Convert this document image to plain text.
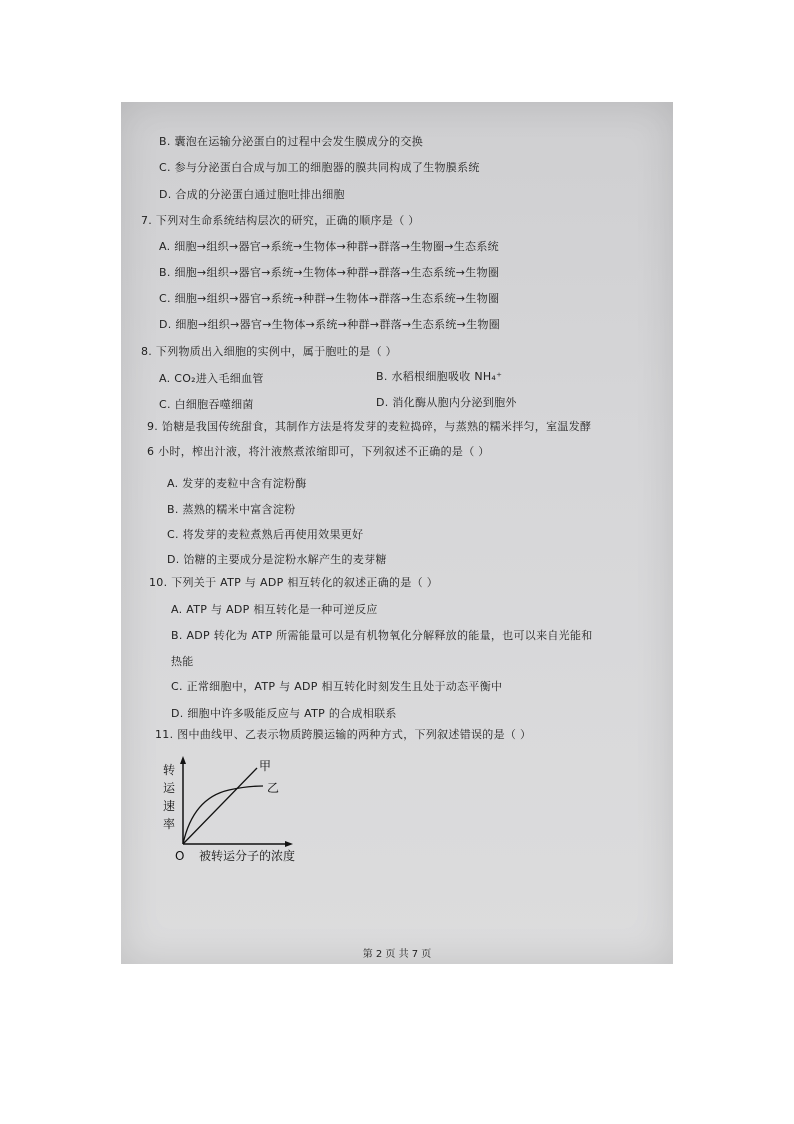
B. 囊泡在运输分泌蛋白的过程中会发生膜成分的交换
C. 参与分泌蛋白合成与加工的细胞器的膜共同构成了生物膜系统
D. 合成的分泌蛋白通过胞吐排出细胞
7. 下列对生命系统结构层次的研究，正确的顺序是（ ）
A. 细胞→组织→器官→系统→生物体→种群→群落→生物圈→生态系统
B. 细胞→组织→器官→系统→生物体→种群→群落→生态系统→生物圈
C. 细胞→组织→器官→系统→种群→生物体→群落→生态系统→生物圈
D. 细胞→组织→器官→生物体→系统→种群→群落→生态系统→生物圈
8. 下列物质出入细胞的实例中，属于胞吐的是（ ）
A. CO₂进入毛细血管	B. 水稻根细胞吸收 NH₄⁺
C. 白细胞吞噬细菌	D. 消化酶从胞内分泌到胞外
9. 饴糖是我国传统甜食，其制作方法是将发芽的麦粒捣碎，与蒸熟的糯米拌匀，室温发酵
6 小时，榨出汁液，将汁液熬煮浓缩即可，下列叙述不正确的是（ ）
A. 发芽的麦粒中含有淀粉酶
B. 蒸熟的糯米中富含淀粉
C. 将发芽的麦粒煮熟后再使用效果更好
D. 饴糖的主要成分是淀粉水解产生的麦芽糖
10. 下列关于 ATP 与 ADP 相互转化的叙述正确的是（ ）
A. ATP 与 ADP 相互转化是一种可逆反应
B. ADP 转化为 ATP 所需能量可以是有机物氧化分解释放的能量，也可以来自光能和
热能
C. 正常细胞中，ATP 与 ADP 相互转化时刻发生且处于动态平衡中
D. 细胞中许多吸能反应与 ATP 的合成相联系
11. 图中曲线甲、乙表示物质跨膜运输的两种方式，下列叙述错误的是（ ）
转
运
速
率
甲
乙
O 被转运分子的浓度
第 2 页 共 7 页
